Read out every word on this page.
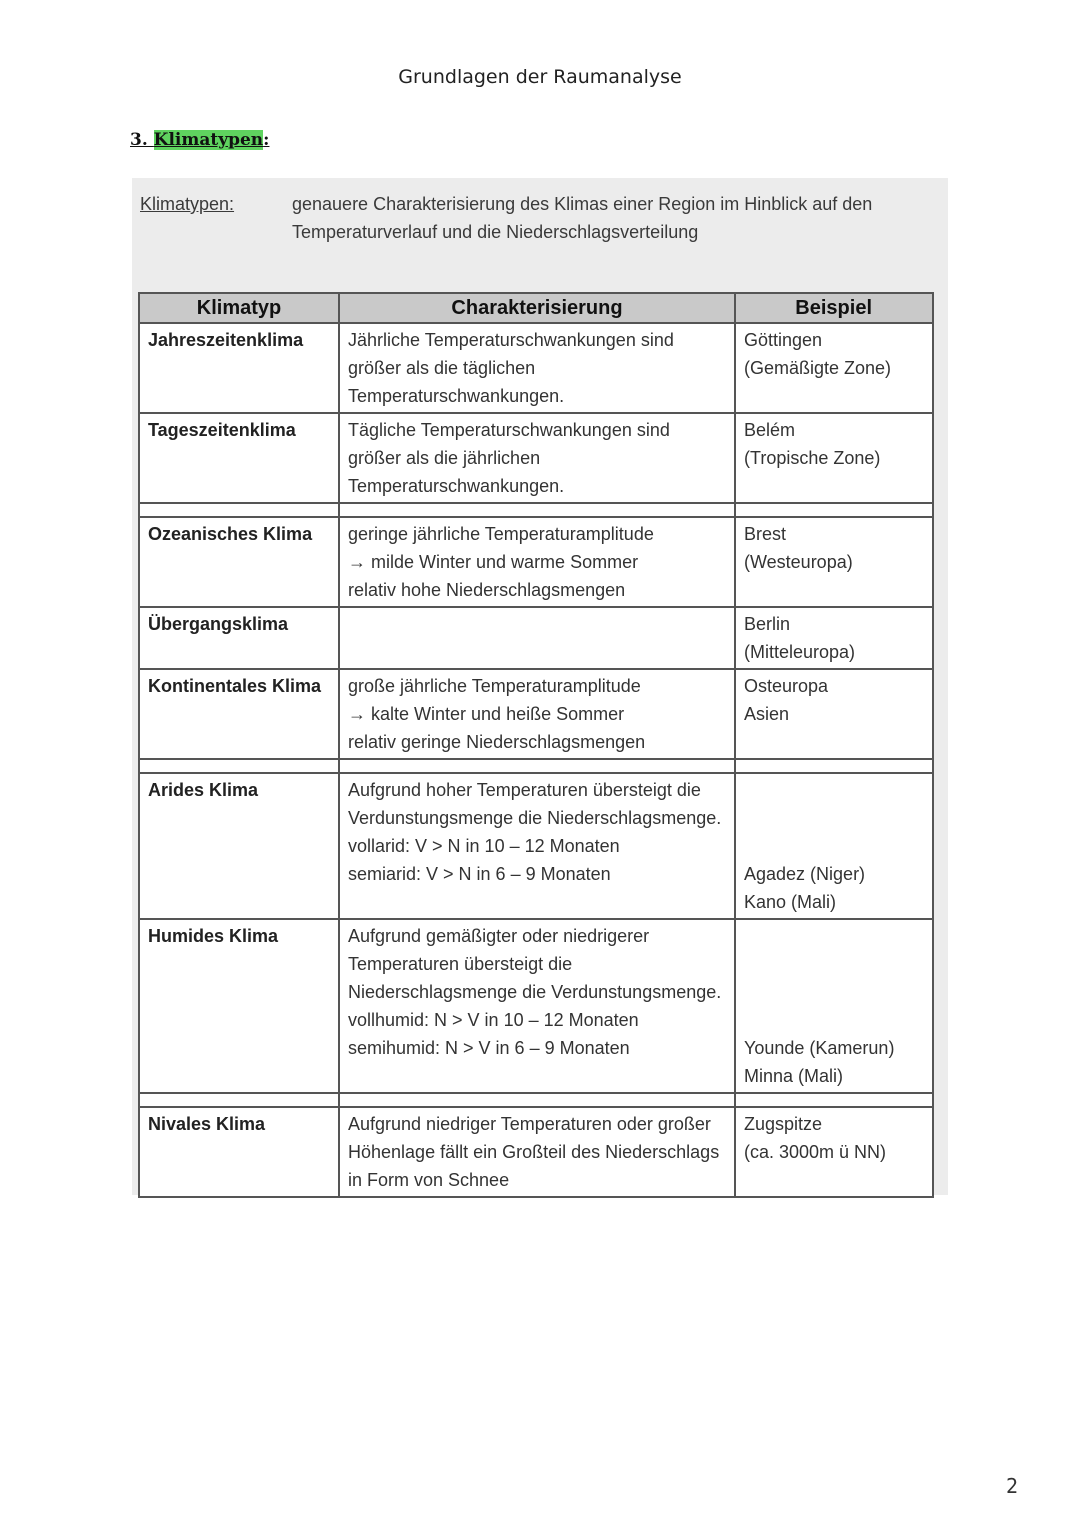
Grundlagen der Raumanalyse
3. Klimatypen:
Klimatypen:	genauere Charakterisierung des Klimas einer Region im Hinblick auf den Temperaturverlauf und die Niederschlagsverteilung
Klimatyp	Charakterisierung	Beispiel
Jahreszeitenklima	Jährliche Temperaturschwankungen sind größer als die täglichen Temperaturschwankungen.	Göttingen
(Gemäßigte Zone)
Tageszeitenklima	Tägliche Temperaturschwankungen sind größer als die jährlichen Temperaturschwankungen.	Belém
(Tropische Zone)

Ozeanisches Klima	geringe jährliche Temperaturamplitude
→ milde Winter und warme Sommer
relativ hohe Niederschlagsmengen	Brest
(Westeuropa)
Übergangsklima		Berlin
(Mitteleuropa)
Kontinentales Klima	große jährliche Temperaturamplitude
→ kalte Winter und heiße Sommer
relativ geringe Niederschlagsmengen	Osteuropa
Asien

Arides Klima	Aufgrund hoher Temperaturen übersteigt die Verdunstungsmenge die Niederschlagsmenge.
vollarid: V > N in 10 – 12 Monaten
semiarid: V > N in 6 – 9 Monaten	

Agadez (Niger)
Kano (Mali)
Humides Klima	Aufgrund gemäßigter oder niedrigerer Temperaturen übersteigt die Niederschlagsmenge die Verdunstungsmenge.
vollhumid: N > V in 10 – 12 Monaten
semihumid: N > V in 6 – 9 Monaten	

Younde (Kamerun)
Minna (Mali)

Nivales Klima	Aufgrund niedriger Temperaturen oder großer Höhenlage fällt ein Großteil des Niederschlags in Form von Schnee	Zugspitze
(ca. 3000m ü NN)
2
